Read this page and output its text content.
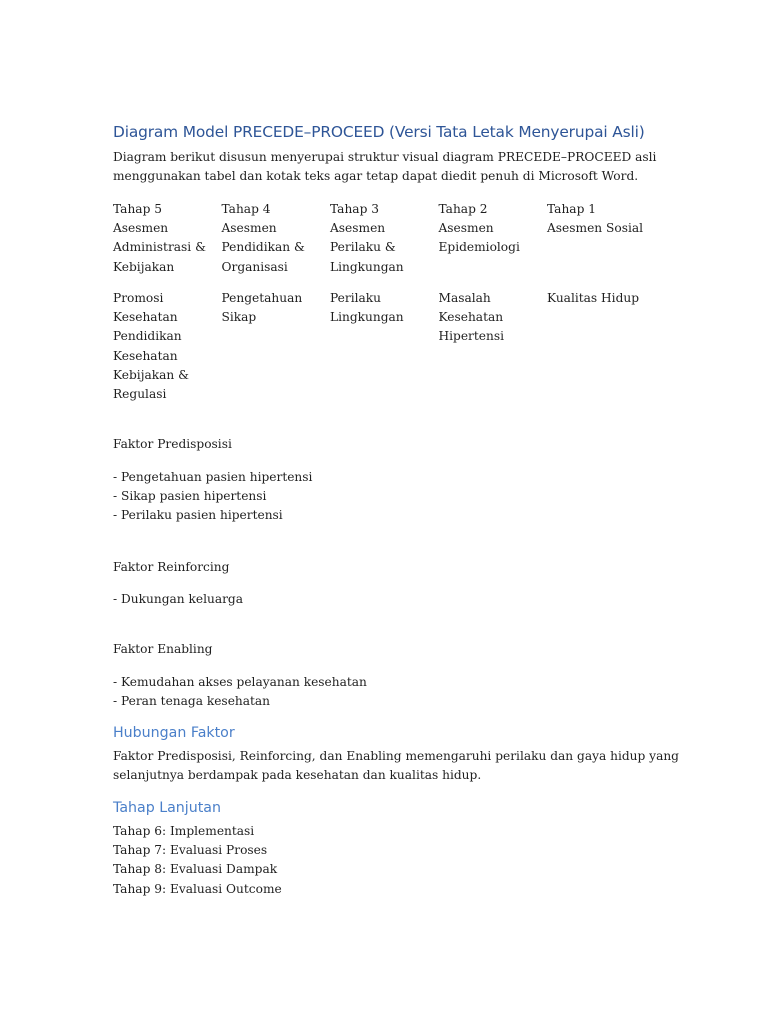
Diagram Model PRECEDE–PROCEED (Versi Tata Letak Menyerupai Asli)
Diagram berikut disusun menyerupai struktur visual diagram PRECEDE–PROCEED asli
menggunakan tabel dan kotak teks agar tetap dapat diedit penuh di Microsoft Word.
Tahap 5
Asesmen
Administrasi &
Kebijakan
Tahap 4
Asesmen
Pendidikan &
Organisasi
Tahap 3
Asesmen
Perilaku &
Lingkungan
Tahap 2
Asesmen
Epidemiologi
Tahap 1
Asesmen Sosial
Promosi
Kesehatan
Pendidikan
Kesehatan
Kebijakan &
Regulasi
Pengetahuan
Sikap
Perilaku
Lingkungan
Masalah
Kesehatan
Hipertensi
Kualitas Hidup
Faktor Predisposisi
- Pengetahuan pasien hipertensi
- Sikap pasien hipertensi
- Perilaku pasien hipertensi
Faktor Reinforcing
- Dukungan keluarga
Faktor Enabling
- Kemudahan akses pelayanan kesehatan
- Peran tenaga kesehatan
Hubungan Faktor
Faktor Predisposisi, Reinforcing, dan Enabling memengaruhi perilaku dan gaya hidup yang
selanjutnya berdampak pada kesehatan dan kualitas hidup.
Tahap Lanjutan
Tahap 6: Implementasi
Tahap 7: Evaluasi Proses
Tahap 8: Evaluasi Dampak
Tahap 9: Evaluasi Outcome
